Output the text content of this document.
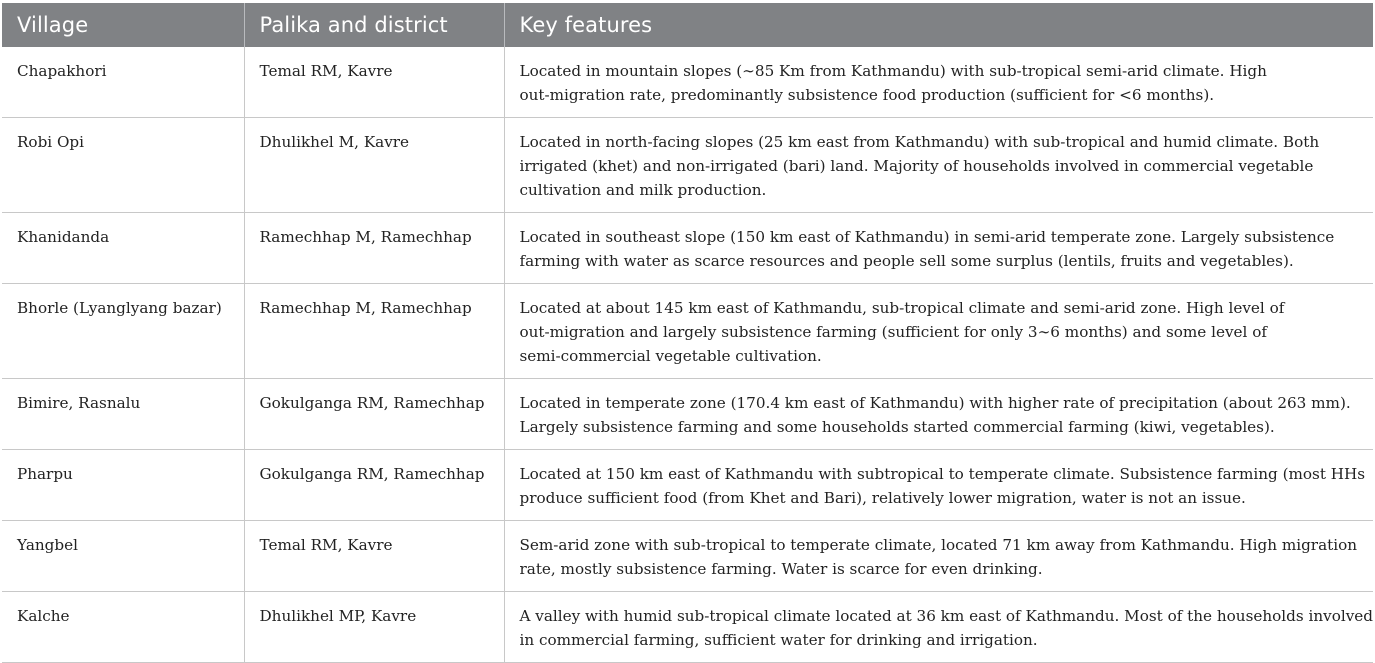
Village	Palika and district	Key features
Chapakhori	Temal RM, Kavre	Located in mountain slopes (∼85 Km from Kathmandu) with sub-tropical semi-arid climate. High
out-migration rate, predominantly subsistence food production (sufficient for <6 months).
Robi Opi	Dhulikhel M, Kavre	Located in north-facing slopes (25 km east from Kathmandu) with sub-tropical and humid climate. Both
irrigated (khet) and non-irrigated (bari) land. Majority of households involved in commercial vegetable
cultivation and milk production.
Khanidanda	Ramechhap M, Ramechhap	Located in southeast slope (150 km east of Kathmandu) in semi-arid temperate zone. Largely subsistence
farming with water as scarce resources and people sell some surplus (lentils, fruits and vegetables).
Bhorle (Lyanglyang bazar)	Ramechhap M, Ramechhap	Located at about 145 km east of Kathmandu, sub-tropical climate and semi-arid zone. High level of
out-migration and largely subsistence farming (sufficient for only 3∼6 months) and some level of
semi-commercial vegetable cultivation.
Bimire, Rasnalu	Gokulganga RM, Ramechhap	Located in temperate zone (170.4 km east of Kathmandu) with higher rate of precipitation (about 263 mm).
Largely subsistence farming and some households started commercial farming (kiwi, vegetables).
Pharpu	Gokulganga RM, Ramechhap	Located at 150 km east of Kathmandu with subtropical to temperate climate. Subsistence farming (most HHs
produce sufficient food (from Khet and Bari), relatively lower migration, water is not an issue.
Yangbel	Temal RM, Kavre	Sem-arid zone with sub-tropical to temperate climate, located 71 km away from Kathmandu. High migration
rate, mostly subsistence farming. Water is scarce for even drinking.
Kalche	Dhulikhel MP, Kavre	A valley with humid sub-tropical climate located at 36 km east of Kathmandu. Most of the households involved
in commercial farming, sufficient water for drinking and irrigation.
